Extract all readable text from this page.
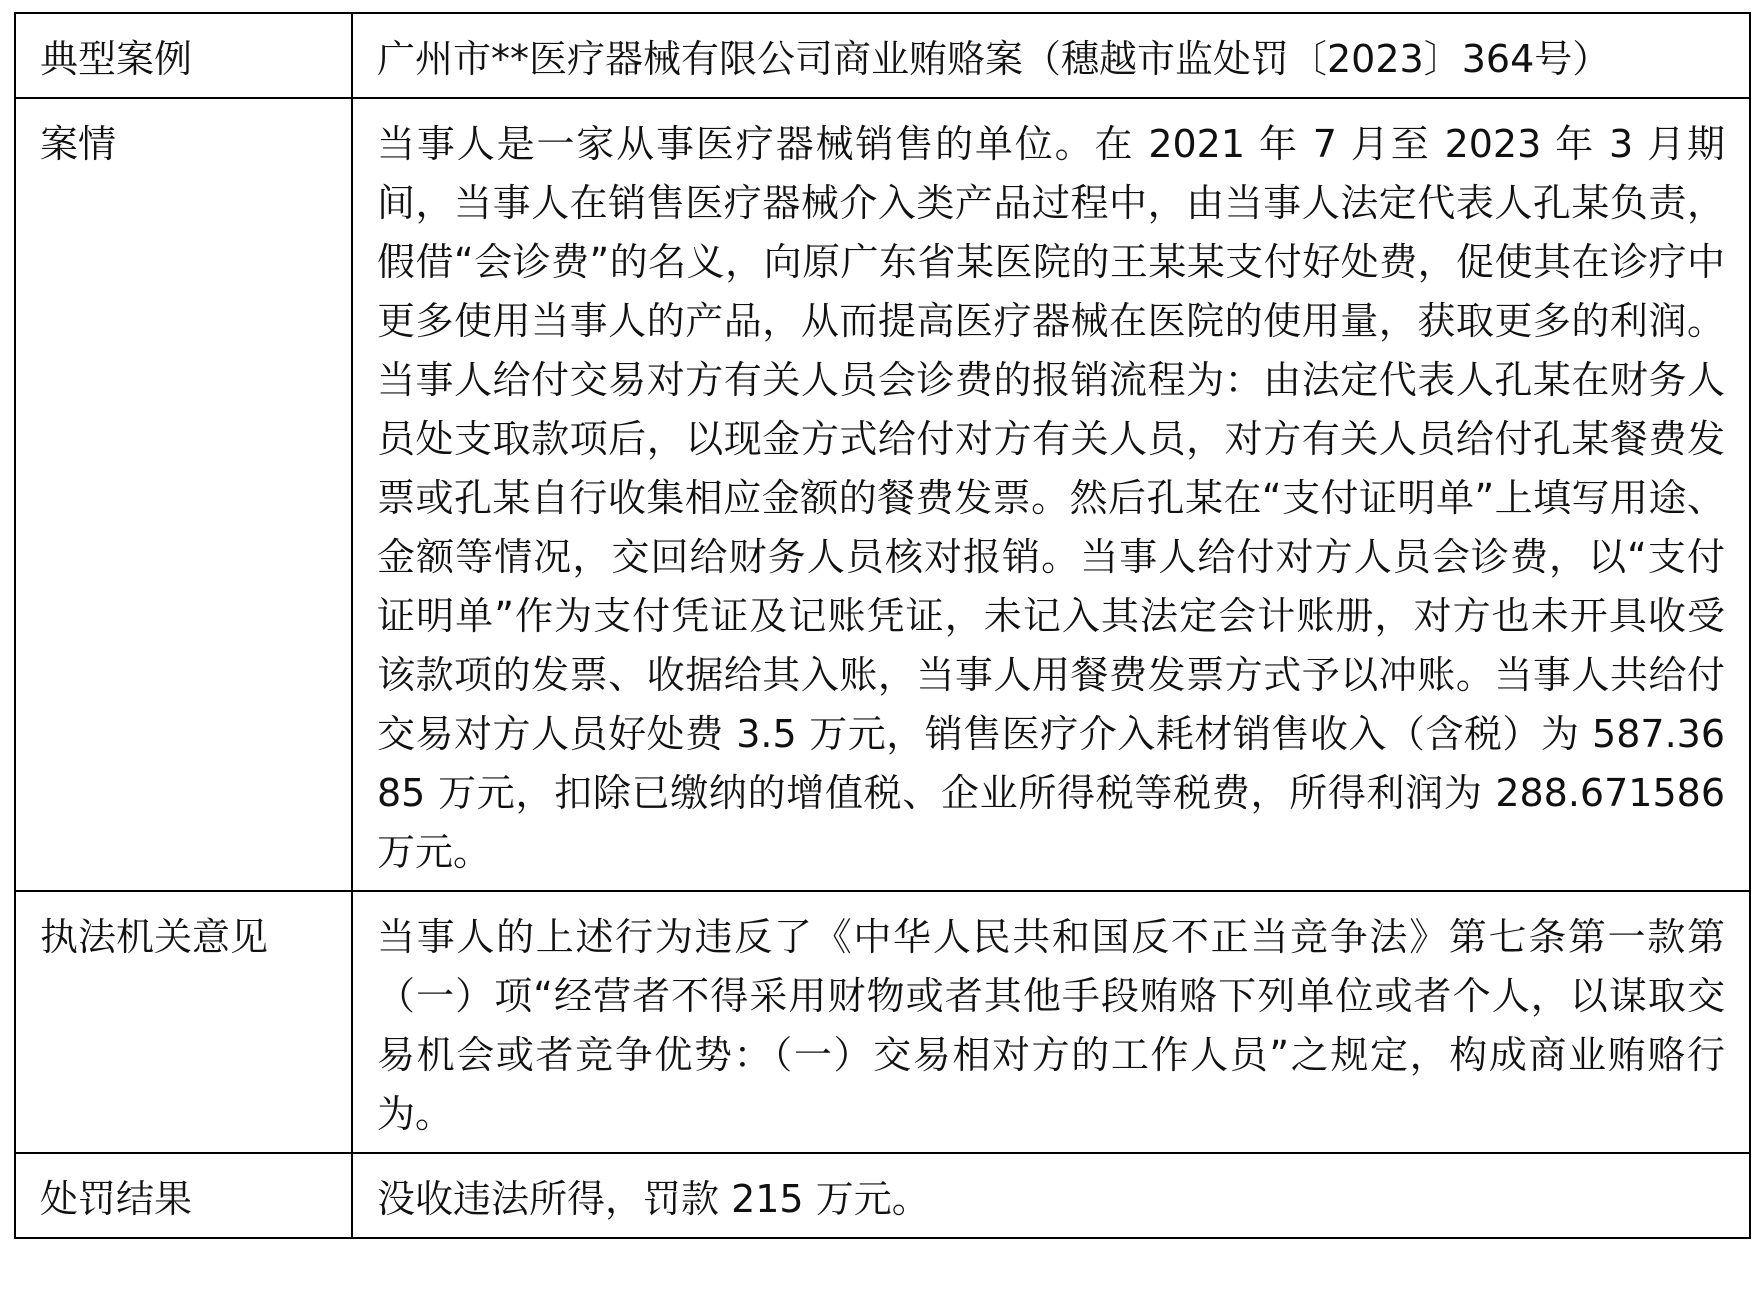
典型案例	广州市**医疗器械有限公司商业贿赂案（穗越市监处罚〔2023〕364号）
案情	当事人是一家从事医疗器械销售的单位。在 2021 年 7 月至 2023 年 3 月期间，当事人在销售医疗器械介入类产品过程中，由当事人法定代表人孔某负责，假借“会诊费”的名义，向原广东省某医院的王某某支付好处费，促使其在诊疗中更多使用当事人的产品，从而提高医疗器械在医院的使用量，获取更多的利润。当事人给付交易对方有关人员会诊费的报销流程为：由法定代表人孔某在财务人员处支取款项后，以现金方式给付对方有关人员，对方有关人员给付孔某餐费发票或孔某自行收集相应金额的餐费发票。然后孔某在“支付证明单”上填写用途、金额等情况，交回给财务人员核对报销。当事人给付对方人员会诊费，以“支付证明单”作为支付凭证及记账凭证，未记入其法定会计账册，对方也未开具收受该款项的发票、收据给其入账，当事人用餐费发票方式予以冲账。当事人共给付交易对方人员好处费 3.5 万元，销售医疗介入耗材销售收入（含税）为 587.3685 万元，扣除已缴纳的增值税、企业所得税等税费，所得利润为 288.671586 万元。
执法机关意见	当事人的上述行为违反了《中华人民共和国反不正当竞争法》第七条第一款第（一）项“经营者不得采用财物或者其他手段贿赂下列单位或者个人，以谋取交易机会或者竞争优势：（一）交易相对方的工作人员”之规定，构成商业贿赂行为。
处罚结果	没收违法所得，罚款 215 万元。
